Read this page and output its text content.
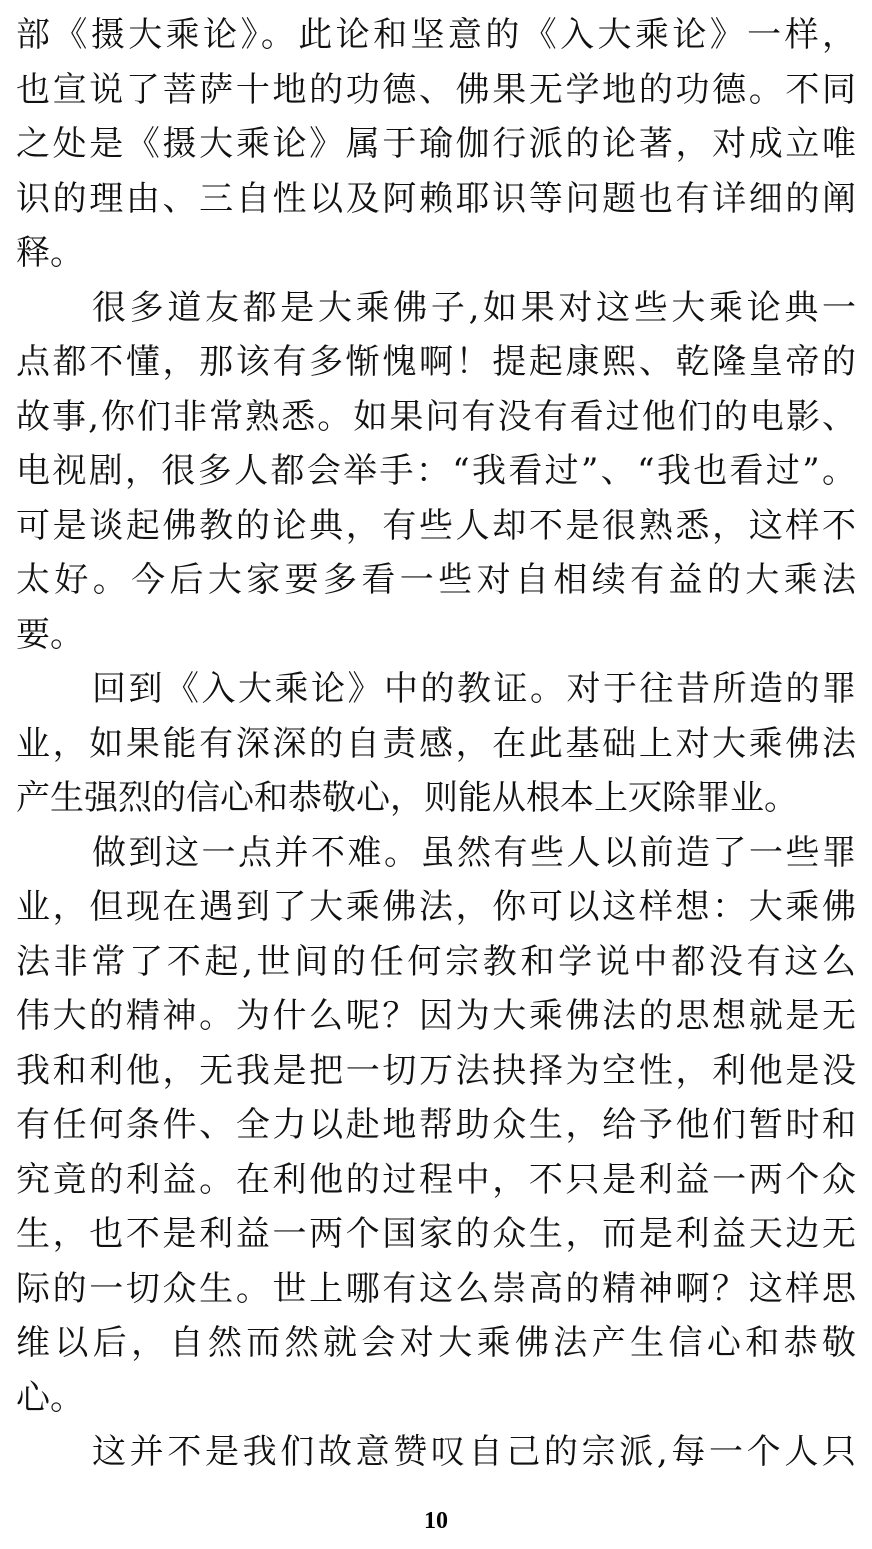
部《摄大乘论》。此论和坚意的《入大乘论》一样，
也宣说了菩萨十地的功德、佛果无学地的功德。不同
之处是《摄大乘论》属于瑜伽行派的论著，对成立唯
识的理由、三自性以及阿赖耶识等问题也有详细的阐
释。
很多道友都是大乘佛子,如果对这些大乘论典一
点都不懂，那该有多惭愧啊！提起康熙、乾隆皇帝的
故事,你们非常熟悉。如果问有没有看过他们的电影、
电视剧，很多人都会举手：“我看过”、“我也看过”。
可是谈起佛教的论典，有些人却不是很熟悉，这样不
太好。今后大家要多看一些对自相续有益的大乘法
要。
回到《入大乘论》中的教证。对于往昔所造的罪
业，如果能有深深的自责感，在此基础上对大乘佛法
产生强烈的信心和恭敬心，则能从根本上灭除罪业。
做到这一点并不难。虽然有些人以前造了一些罪
业，但现在遇到了大乘佛法，你可以这样想：大乘佛
法非常了不起,世间的任何宗教和学说中都没有这么
伟大的精神。为什么呢？因为大乘佛法的思想就是无
我和利他，无我是把一切万法抉择为空性，利他是没
有任何条件、全力以赴地帮助众生，给予他们暂时和
究竟的利益。在利他的过程中，不只是利益一两个众
生，也不是利益一两个国家的众生，而是利益天边无
际的一切众生。世上哪有这么崇高的精神啊？这样思
维以后，自然而然就会对大乘佛法产生信心和恭敬
心。
这并不是我们故意赞叹自己的宗派,每一个人只
10
